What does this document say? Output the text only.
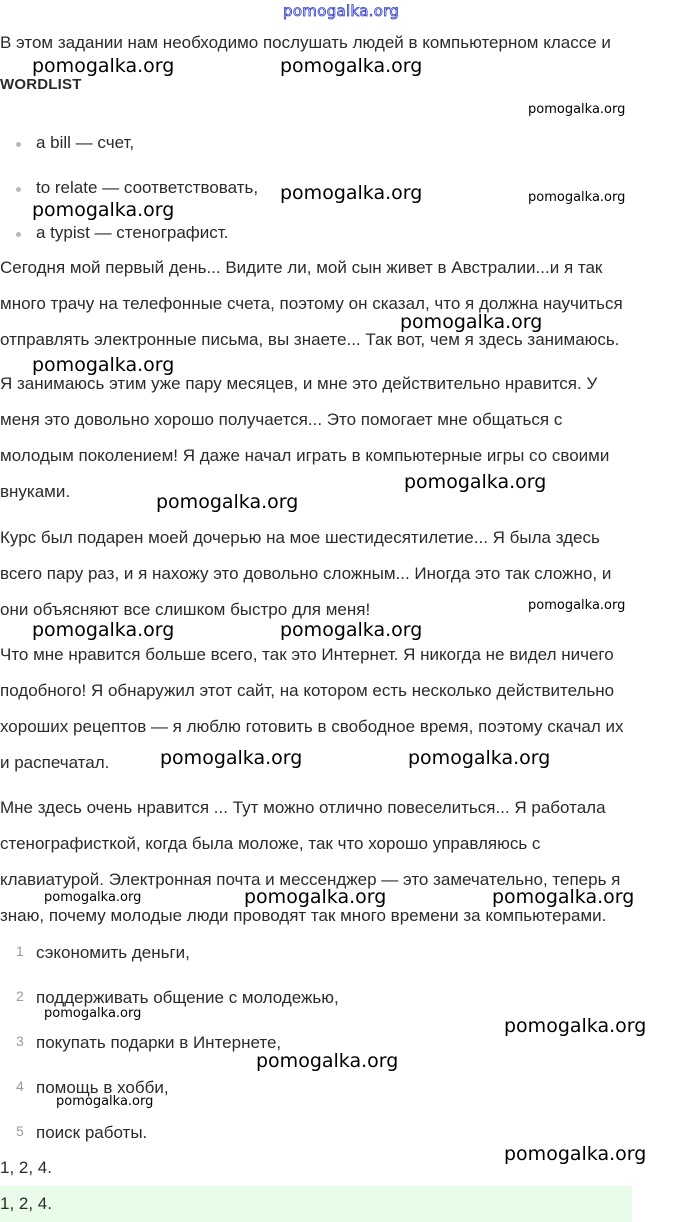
В этом задании нам необходимо послушать людей в компьютерном классе и
WORDLIST
a bill — счет,
to relate — соответствовать,
a typist — стенографист.
Сегодня мой первый день... Видите ли, мой сын живет в Австралии...и я так
много трачу на телефонные счета, поэтому он сказал, что я должна научиться
отправлять электронные письма, вы знаете... Так вот, чем я здесь занимаюсь.
Я занимаюсь этим уже пару месяцев, и мне это действительно нравится. У
меня это довольно хорошо получается... Это помогает мне общаться с
молодым поколением! Я даже начал играть в компьютерные игры со своими
внуками.
Курс был подарен моей дочерью на мое шестидесятилетие... Я была здесь
всего пару раз, и я нахожу это довольно сложным... Иногда это так сложно, и
они объясняют все слишком быстро для меня!
Что мне нравится больше всего, так это Интернет. Я никогда не видел ничего
подобного! Я обнаружил этот сайт, на котором есть несколько действительно
хороших рецептов — я люблю готовить в свободное время, поэтому скачал их
и распечатал.
Мне здесь очень нравится ... Тут можно отлично повеселиться... Я работала
стенографисткой, когда была моложе, так что хорошо управляюсь с
клавиатурой. Электронная почта и мессенджер — это замечательно, теперь я
знаю, почему молодые люди проводят так много времени за компьютерами.
1 сэкономить деньги,
2 поддерживать общение с молодежью,
3 покупать подарки в Интернете,
4 помощь в хобби,
5 поиск работы.
1, 2, 4.
1, 2, 4.
pomogalka.org
pomogalka.org	pomogalka.org
pomogalka.org
pomogalka.org	pomogalka.org
pomogalka.org
pomogalka.org
pomogalka.org
pomogalka.org
pomogalka.org
pomogalka.org
pomogalka.org	pomogalka.org
pomogalka.org	pomogalka.org
pomogalka.org	pomogalka.org	pomogalka.org
pomogalka.org
pomogalka.org
pomogalka.org
pomogalka.org
pomogalka.org
